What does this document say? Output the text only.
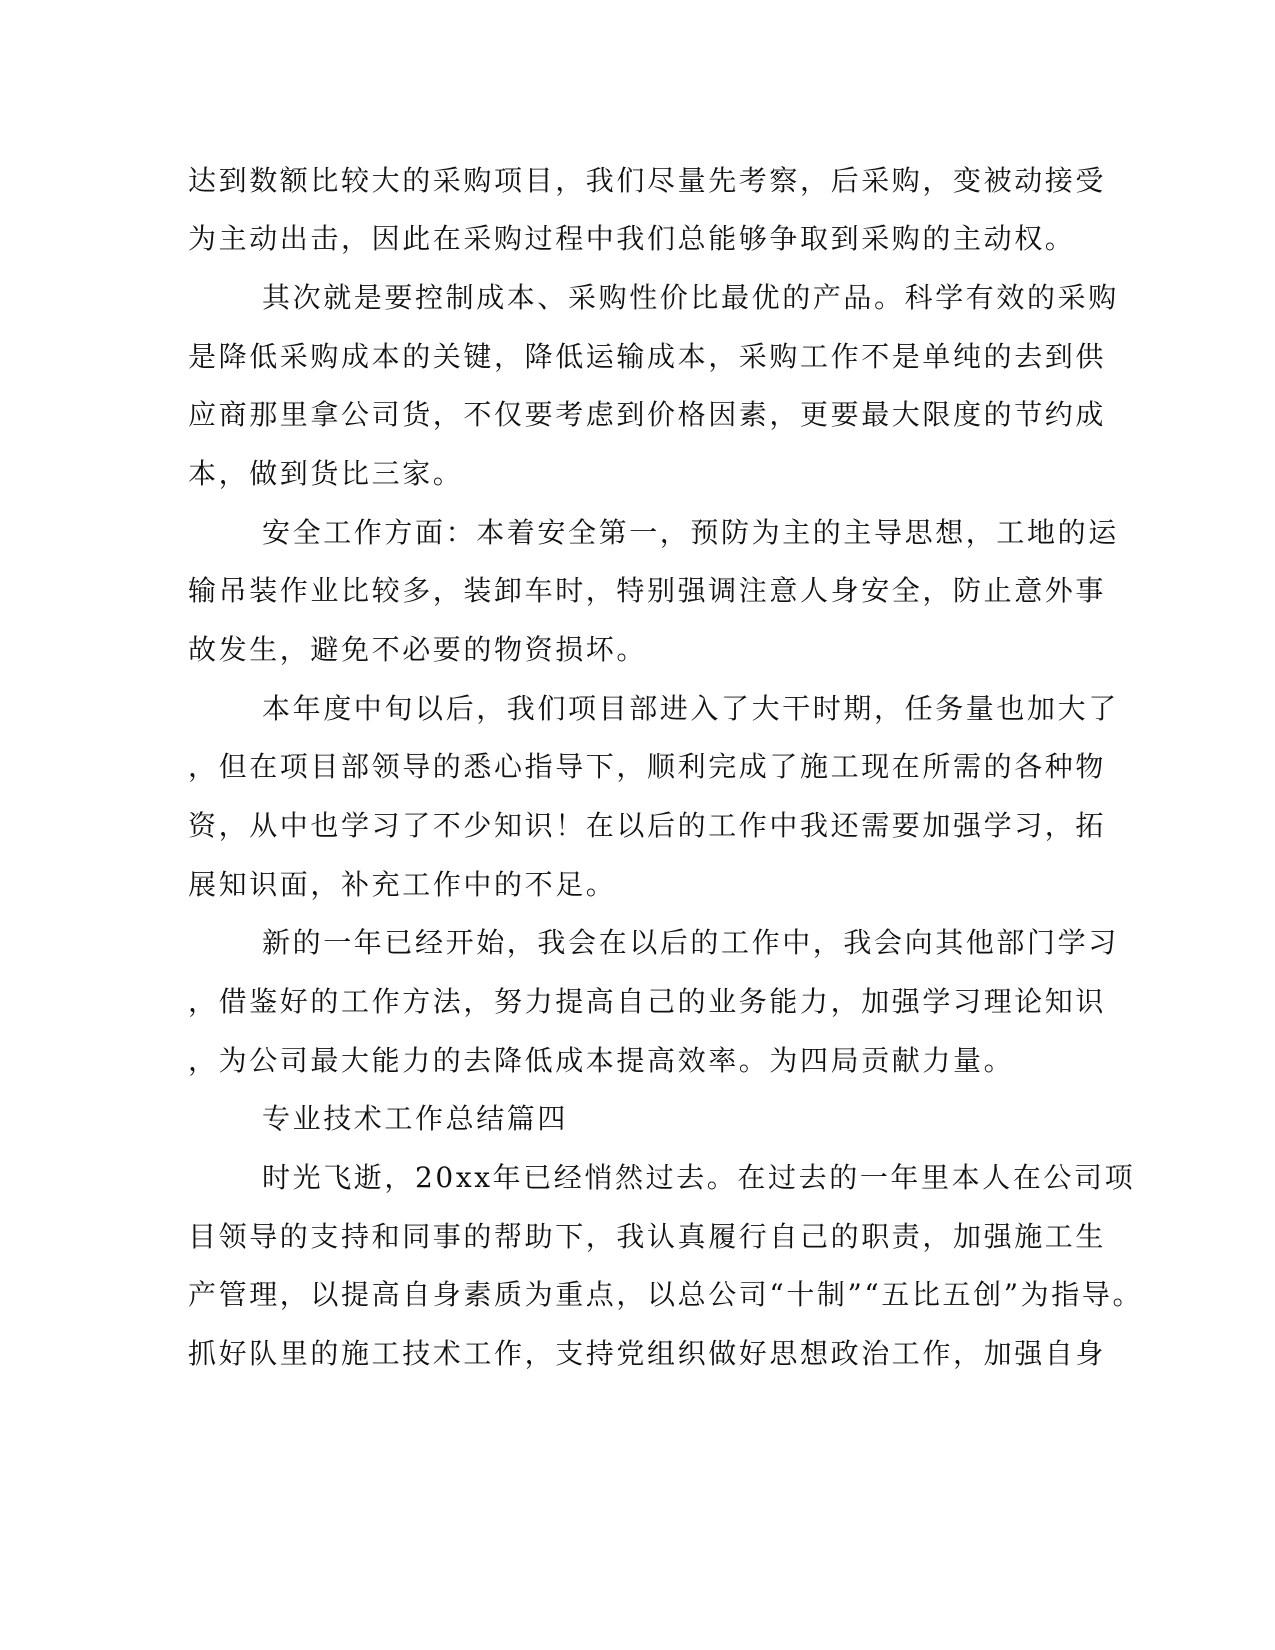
达到数额比较大的采购项目，我们尽量先考察，后采购，变被动接受
为主动出击，因此在采购过程中我们总能够争取到采购的主动权。
其次就是要控制成本、采购性价比最优的产品。科学有效的采购
是降低采购成本的关键，降低运输成本，采购工作不是单纯的去到供
应商那里拿公司货，不仅要考虑到价格因素，更要最大限度的节约成
本，做到货比三家。
安全工作方面：本着安全第一，预防为主的主导思想，工地的运
输吊装作业比较多，装卸车时，特别强调注意人身安全，防止意外事
故发生，避免不必要的物资损坏。
本年度中旬以后，我们项目部进入了大干时期，任务量也加大了
，但在项目部领导的悉心指导下，顺利完成了施工现在所需的各种物
资，从中也学习了不少知识！在以后的工作中我还需要加强学习，拓
展知识面，补充工作中的不足。
新的一年已经开始，我会在以后的工作中，我会向其他部门学习
，借鉴好的工作方法，努力提高自己的业务能力，加强学习理论知识
，为公司最大能力的去降低成本提高效率。为四局贡献力量。
专业技术工作总结篇四
时光飞逝，20xx年已经悄然过去。在过去的一年里本人在公司项
目领导的支持和同事的帮助下，我认真履行自己的职责，加强施工生
产管理，以提高自身素质为重点，以总公司“十制”“五比五创”为指导。
抓好队里的施工技术工作，支持党组织做好思想政治工作，加强自身
